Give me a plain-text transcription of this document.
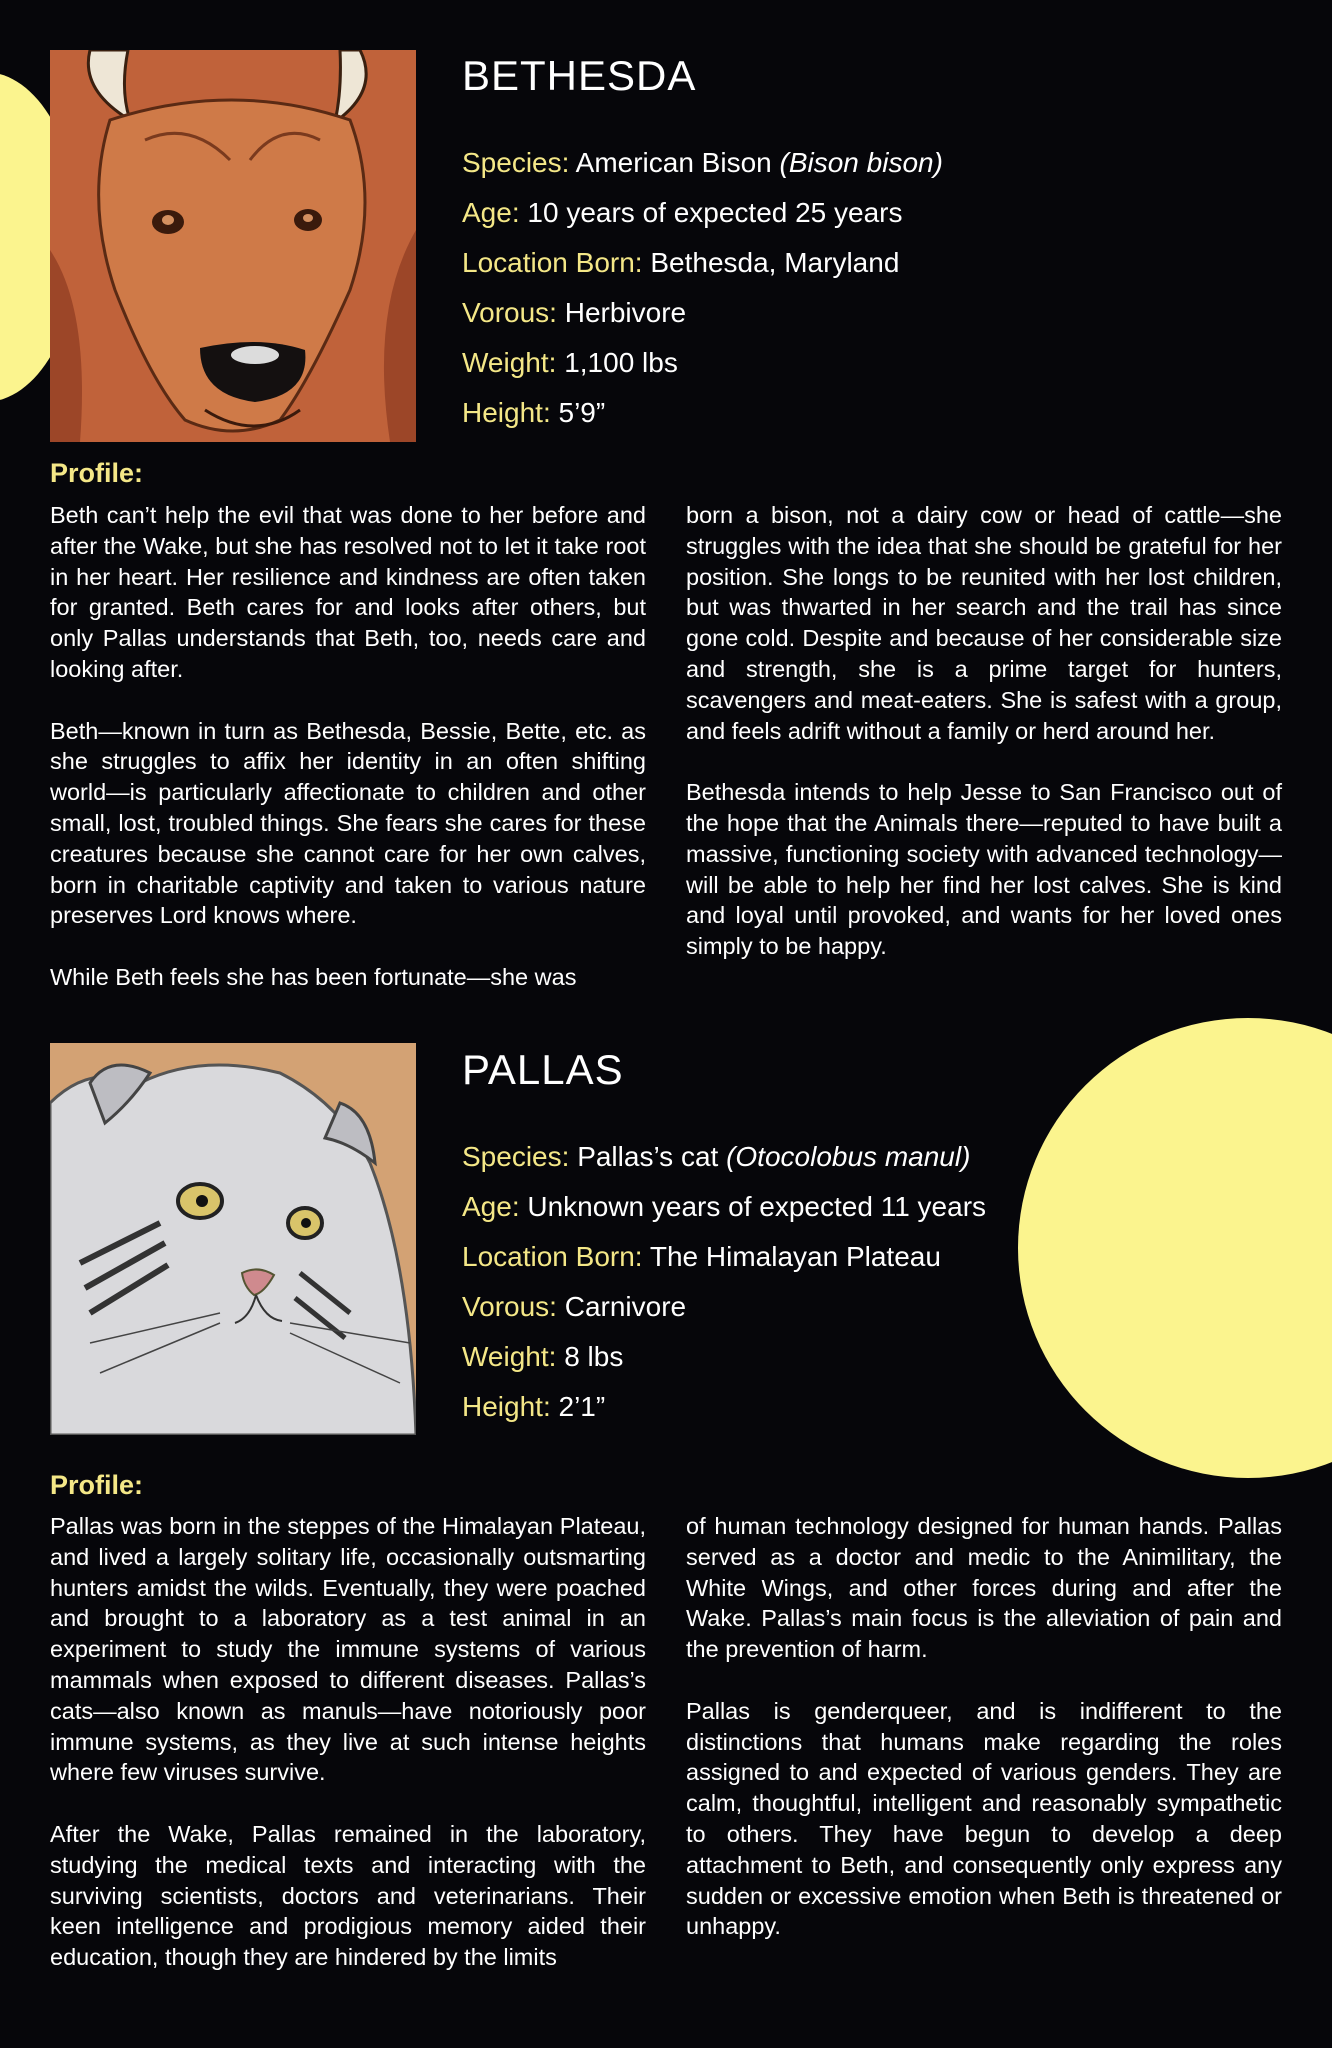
BETHESDA
Species: American Bison (Bison bison)
Age: 10 years of expected 25 years
Location Born: Bethesda, Maryland
Vorous: Herbivore
Weight: 1,100 lbs
Height: 5’9”
Profile:

Beth can’t help the evil that was done to her before and after the Wake, but she has resolved not to let it take root in her heart. Her resilience and kindness are often taken for granted. Beth cares for and looks after others, but only Pallas understands that Beth, too, needs care and looking after.

Beth—known in turn as Bethesda, Bessie, Bette, etc. as she struggles to affix her identity in an often shifting world—is particularly affectionate to children and other small, lost, troubled things. She fears she cares for these creatures because she cannot care for her own calves, born in charitable captivity and taken to various nature preserves Lord knows where.

While Beth feels she has been fortunate—she was

born a bison, not a dairy cow or head of cattle—she struggles with the idea that she should be grateful for her position. She longs to be reunited with her lost children, but was thwarted in her search and the trail has since gone cold. Despite and because of her considerable size and strength, she is a prime target for hunters, scavengers and meat-eaters. She is safest with a group, and feels adrift without a family or herd around her.

Bethesda intends to help Jesse to San Francisco out of the hope that the Animals there—reputed to have built a massive, functioning society with advanced technology—will be able to help her find her lost calves. She is kind and loyal until provoked, and wants for her loved ones simply to be happy.

PALLAS
Species: Pallas’s cat (Otocolobus manul)
Age: Unknown years of expected 11 years
Location Born: The Himalayan Plateau
Vorous: Carnivore
Weight: 8 lbs
Height: 2’1”
Profile:

Pallas was born in the steppes of the Himalayan Plateau, and lived a largely solitary life, occasionally outsmarting hunters amidst the wilds. Eventually, they were poached and brought to a laboratory as a test animal in an experiment to study the immune systems of various mammals when exposed to different diseases. Pallas’s cats—also known as manuls—have notoriously poor immune systems, as they live at such intense heights where few viruses survive.

After the Wake, Pallas remained in the laboratory, studying the medical texts and interacting with the surviving scientists, doctors and veterinarians. Their keen intelligence and prodigious memory aided their education, though they are hindered by the limits

of human technology designed for human hands. Pallas served as a doctor and medic to the Animilitary, the White Wings, and other forces during and after the Wake. Pallas’s main focus is the alleviation of pain and the prevention of harm.

Pallas is genderqueer, and is indifferent to the distinctions that humans make regarding the roles assigned to and expected of various genders. They are calm, thoughtful, intelligent and reasonably sympathetic to others. They have begun to develop a deep attachment to Beth, and consequently only express any sudden or excessive emotion when Beth is threatened or unhappy.
